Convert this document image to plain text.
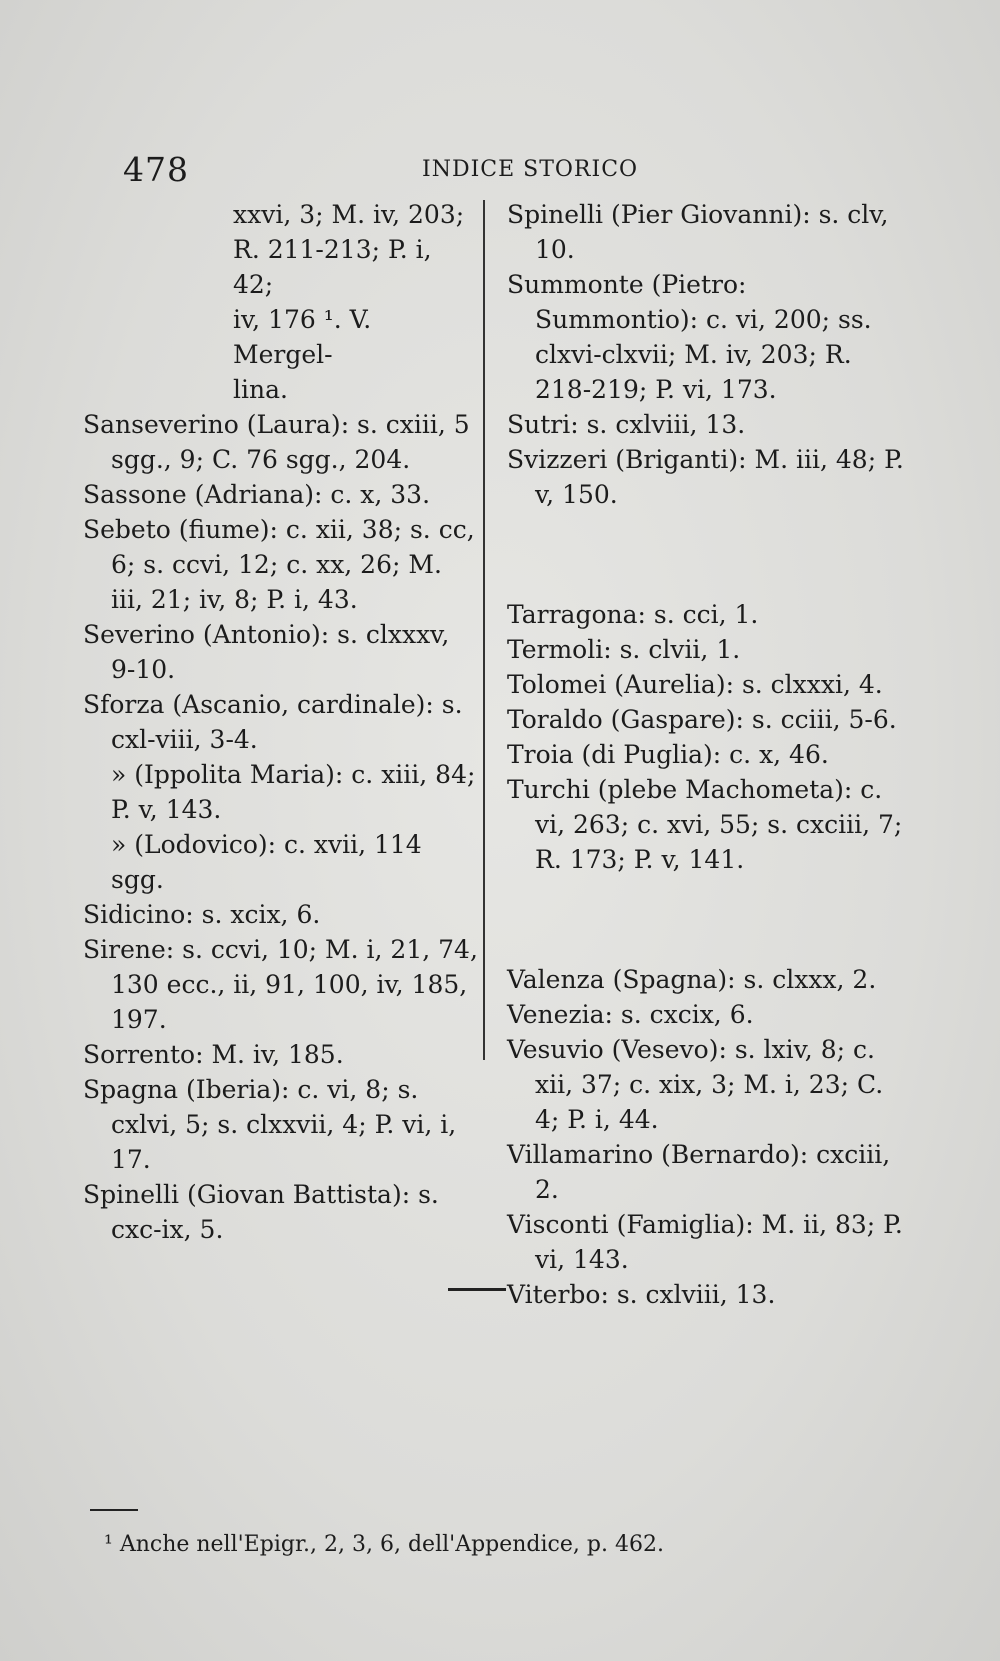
478	INDICE STORICO

xxvi, 3; M. iv, 203;

R. 211-213; P. i, 42;

iv, 176 ¹. V. Mergel-

lina.

Sanseverino (Laura): s. cxiii, 5 sgg., 9; C. 76 sgg., 204.

Sassone (Adriana): c. x, 33.

Sebeto (fiume): c. xii, 38; s. cc, 6; s. ccvi, 12; c. xx, 26; M. iii, 21; iv, 8; P. i, 43.

Severino (Antonio): s. clxxxv, 9-10.

Sforza (Ascanio, cardinale): s. cxl-viii, 3-4.

» (Ippolita Maria): c. xiii, 84; P. v, 143.

» (Lodovico): c. xvii, 114 sgg.

Sidicino: s. xcix, 6.

Sirene: s. ccvi, 10; M. i, 21, 74, 130 ecc., ii, 91, 100, iv, 185, 197.

Sorrento: M. iv, 185.

Spagna (Iberia): c. vi, 8; s. cxlvi, 5; s. clxxvii, 4; P. vi, i, 17.

Spinelli (Giovan Battista): s. cxc-ix, 5.

Spinelli (Pier Giovanni): s. clv, 10.

Summonte (Pietro: Summontio): c. vi, 200; ss. clxvi-clxvii; M. iv, 203; R. 218-219; P. vi, 173.

Sutri: s. cxlviii, 13.

Svizzeri (Briganti): M. iii, 48; P. v, 150.

Tarragona: s. cci, 1.

Termoli: s. clvii, 1.

Tolomei (Aurelia): s. clxxxi, 4.

Toraldo (Gaspare): s. cciii, 5-6.

Troia (di Puglia): c. x, 46.

Turchi (plebe Machometa): c. vi, 263; c. xvi, 55; s. cxciii, 7; R. 173; P. v, 141.

Valenza (Spagna): s. clxxx, 2.

Venezia: s. cxcix, 6.

Vesuvio (Vesevo): s. lxiv, 8; c. xii, 37; c. xix, 3; M. i, 23; C. 4; P. i, 44.

Villamarino (Bernardo): cxciii, 2.

Visconti (Famiglia): M. ii, 83; P. vi, 143.

Viterbo: s. cxlviii, 13.

¹ Anche nell'Epigr., 2, 3, 6, dell'Appendice, p. 462.
